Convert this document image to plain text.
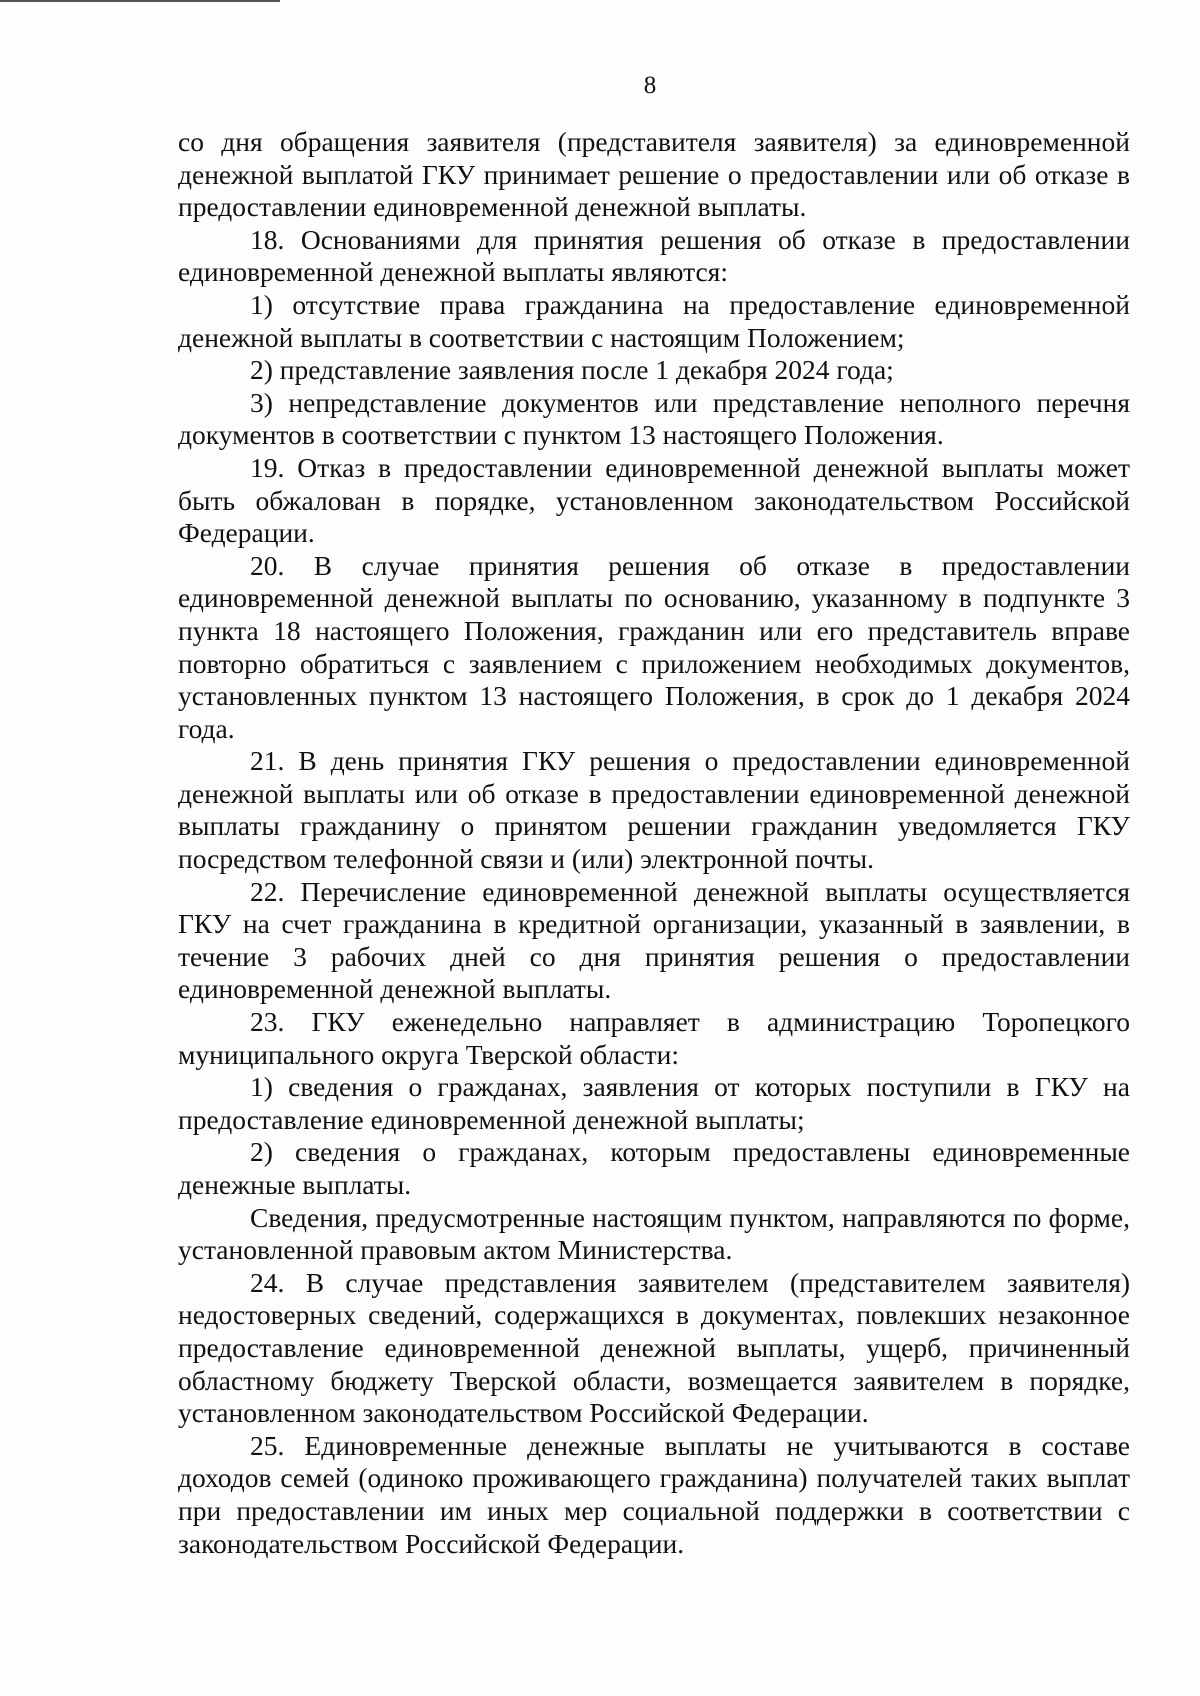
8

со дня обращения заявителя (представителя заявителя) за единовременной денежной выплатой ГКУ принимает решение о предоставлении или об отказе в предоставлении единовременной денежной выплаты.

18. Основаниями для принятия решения об отказе в предоставлении единовременной денежной выплаты являются:

1) отсутствие права гражданина на предоставление единовременной денежной выплаты в соответствии с настоящим Положением;

2) представление заявления после 1 декабря 2024 года;

3) непредставление документов или представление неполного перечня документов в соответствии с пунктом 13 настоящего Положения.

19. Отказ в предоставлении единовременной денежной выплаты может быть обжалован в порядке, установленном законодательством Российской Федерации.

20. В случае принятия решения об отказе в предоставлении единовременной денежной выплаты по основанию, указанному в подпункте 3 пункта 18 настоящего Положения, гражданин или его представитель вправе повторно обратиться с заявлением с приложением необходимых документов, установленных пунктом 13 настоящего Положения, в срок до 1 декабря 2024 года.

21. В день принятия ГКУ решения о предоставлении единовременной денежной выплаты или об отказе в предоставлении единовременной денежной выплаты гражданину о принятом решении гражданин уведомляется ГКУ посредством телефонной связи и (или) электронной почты.

22. Перечисление единовременной денежной выплаты осуществляется ГКУ на счет гражданина в кредитной организации, указанный в заявлении, в течение 3 рабочих дней со дня принятия решения о предоставлении единовременной денежной выплаты.

23. ГКУ еженедельно направляет в администрацию Торопецкого муниципального округа Тверской области:

1) сведения о гражданах, заявления от которых поступили в ГКУ на предоставление единовременной денежной выплаты;

2) сведения о гражданах, которым предоставлены единовременные денежные выплаты.

Сведения, предусмотренные настоящим пунктом, направляются по форме, установленной правовым актом Министерства.

24. В случае представления заявителем (представителем заявителя) недостоверных сведений, содержащихся в документах, повлекших незаконное предоставление единовременной денежной выплаты, ущерб, причиненный областному бюджету Тверской области, возмещается заявителем в порядке, установленном законодательством Российской Федерации.

25. Единовременные денежные выплаты не учитываются в составе доходов семей (одиноко проживающего гражданина) получателей таких выплат при предоставлении им иных мер социальной поддержки в соответствии с законодательством Российской Федерации.
